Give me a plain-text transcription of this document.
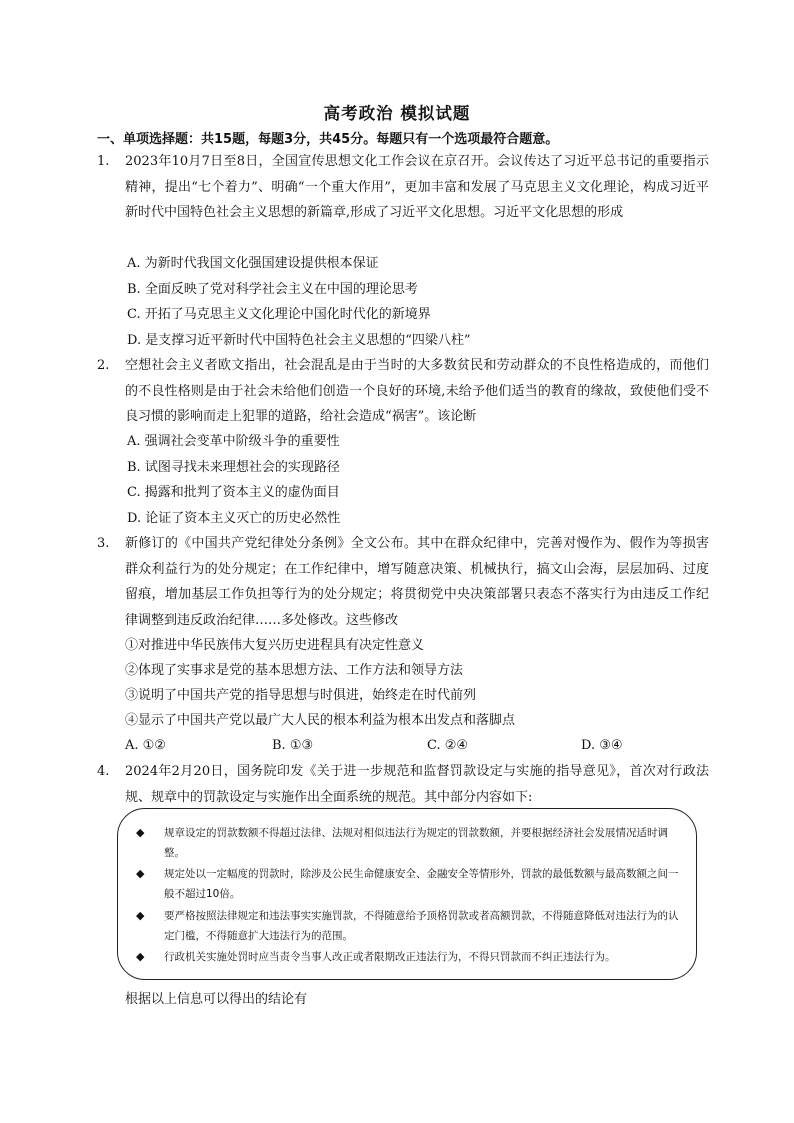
高考政治 模拟试题
一、单项选择题：共15题，每题3分，共45分。每题只有一个选项最符合题意。
1.	2023年10月7日至8日，全国宣传思想文化工作会议在京召开。会议传达了习近平总书记的重要指示精神，提出“七个着力”、明确“一个重大作用”，更加丰富和发展了马克思主义文化理论，构成习近平新时代中国特色社会主义思想的新篇章,形成了习近平文化思想。习近平文化思想的形成
A. 为新时代我国文化强国建设提供根本保证
B. 全面反映了党对科学社会主义在中国的理论思考
C. 开拓了马克思主义文化理论中国化时代化的新境界
D. 是支撑习近平新时代中国特色社会主义思想的“四梁八柱”
2.	空想社会主义者欧文指出，社会混乱是由于当时的大多数贫民和劳动群众的不良性格造成的，而他们的不良性格则是由于社会未给他们创造一个良好的环境,未给予他们适当的教育的缘故，致使他们受不良习惯的影响而走上犯罪的道路，给社会造成“祸害”。该论断
A. 强调社会变革中阶级斗争的重要性
B. 试图寻找未来理想社会的实现路径
C. 揭露和批判了资本主义的虚伪面目
D. 论证了资本主义灭亡的历史必然性
3.	新修订的《中国共产党纪律处分条例》全文公布。其中在群众纪律中，完善对慢作为、假作为等损害群众利益行为的处分规定；在工作纪律中，增写随意决策、机械执行，搞文山会海，层层加码、过度留痕，增加基层工作负担等行为的处分规定；将贯彻党中央决策部署只表态不落实行为由违反工作纪律调整到违反政治纪律……多处修改。这些修改
①对推进中华民族伟大复兴历史进程具有决定性意义
②体现了实事求是党的基本思想方法、工作方法和领导方法
③说明了中国共产党的指导思想与时俱进，始终走在时代前列
④显示了中国共产党以最广大人民的根本利益为根本出发点和落脚点
A. ①②	B. ①③	C. ②④	D. ③④
4.	2024年2月20日，国务院印发《关于进一步规范和监督罚款设定与实施的指导意见》，首次对行政法规、规章中的罚款设定与实施作出全面系统的规范。其中部分内容如下:
◆ 规章设定的罚款数额不得超过法律、法规对相似违法行为规定的罚款数额，并要根据经济社会发展情况适时调整。
◆ 规定处以一定幅度的罚款时，除涉及公民生命健康安全、金融安全等情形外，罚款的最低数额与最高数额之间一般不超过10倍。
◆ 要严格按照法律规定和违法事实实施罚款，不得随意给予顶格罚款或者高额罚款，不得随意降低对违法行为的认定门槛，不得随意扩大违法行为的范围。
◆ 行政机关实施处罚时应当责令当事人改正或者限期改正违法行为，不得只罚款而不纠正违法行为。
根据以上信息可以得出的结论有
